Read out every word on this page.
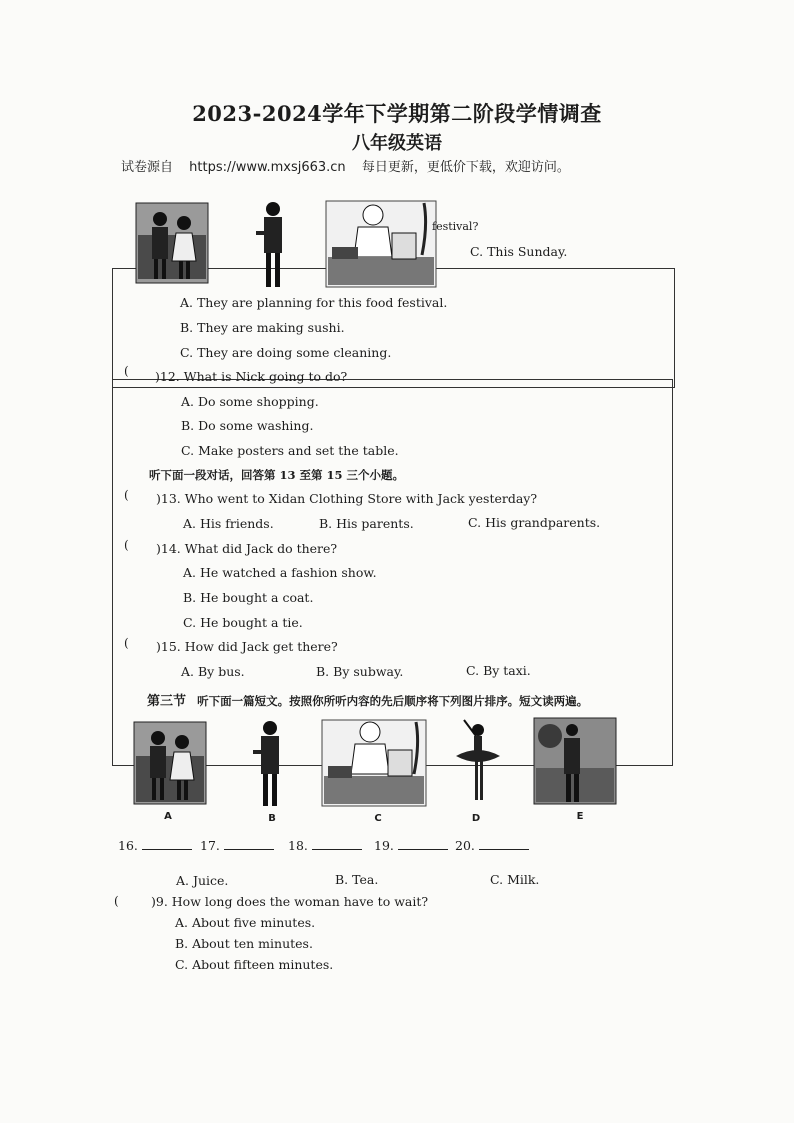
2023-2024学年下学期第二阶段学情调查
八年级英语
试卷源自 https://www.mxsj663.cn 每日更新，更低价下载，欢迎访问。
festival?
C. This Sunday.
A. They are planning for this food festival.
B. They are making sushi.
C. They are doing some cleaning.
( )12. What is Nick going to do?
A. Do some shopping.
B. Do some washing.
C. Make posters and set the table.
听下面一段对话，回答第 13 至第 15 三个小题。
( )13. Who went to Xidan Clothing Store with Jack yesterday?
A. His friends.	B. His parents.	C. His grandparents.
( )14. What did Jack do there?
A. He watched a fashion show.
B. He bought a coat.
C. He bought a tie.
( )15. How did Jack get there?
A. By bus.	B. By subway.	C. By taxi.
第三节 听下面一篇短文。按照你所听内容的先后顺序将下列图片排序。短文读两遍。
A	B	C	D	E
16.	17.	18.	19.	20.
A. Juice.	B. Tea.	C. Milk.
(	)9. How long does the woman have to wait?
A. About five minutes.
B. About ten minutes.
C. About fifteen minutes.
